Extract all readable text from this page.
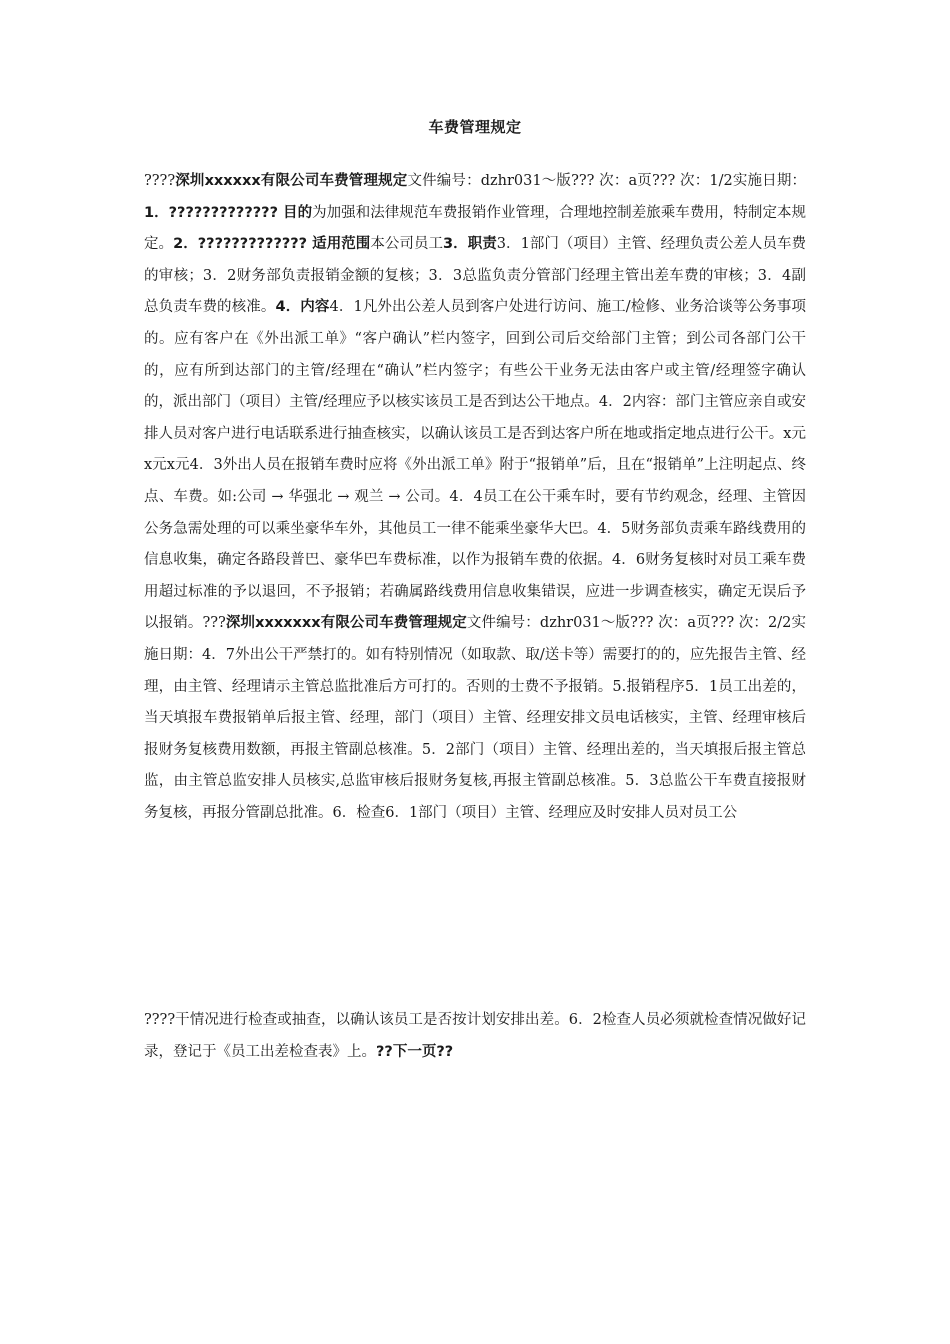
车费管理规定
????深圳xxxxxx有限公司车费管理规定文件编号：dzhr031～版??? 次：a页??? 次：1/2实施日期：1．????????????? 目的为加强和法律规范车费报销作业管理，合理地控制差旅乘车费用，特制定本规定。2．????????????? 适用范围本公司员工3．职责3．1部门（项目）主管、经理负责公差人员车费的审核；3．2财务部负责报销金额的复核；3．3总监负责分管部门经理主管出差车费的审核；3．4副总负责车费的核准。4．内容4．1凡外出公差人员到客户处进行访问、施工/检修、业务洽谈等公务事项的。应有客户在《外出派工单》“客户确认”栏内签字，回到公司后交给部门主管；到公司各部门公干的，应有所到达部门的主管/经理在“确认”栏内签字；有些公干业务无法由客户或主管/经理签字确认的，派出部门（项目）主管/经理应予以核实该员工是否到达公干地点。4．2内容：部门主管应亲自或安排人员对客户进行电话联系进行抽查核实，以确认该员工是否到达客户所在地或指定地点进行公干。x元x元x元4．3外出人员在报销车费时应将《外出派工单》附于“报销单”后，且在“报销单”上注明起点、终点、车费。如:公司 → 华强北 → 观兰 → 公司。4．4员工在公干乘车时，要有节约观念，经理、主管因公务急需处理的可以乘坐豪华车外，其他员工一律不能乘坐豪华大巴。4．5财务部负责乘车路线费用的信息收集，确定各路段普巴、豪华巴车费标准，以作为报销车费的依据。4．6财务复核时对员工乘车费用超过标准的予以退回，不予报销；若确属路线费用信息收集错误，应进一步调查核实，确定无误后予以报销。???深圳xxxxxxx有限公司车费管理规定文件编号：dzhr031～版??? 次：a页??? 次：2/2实施日期：4．7外出公干严禁打的。如有特别情况（如取款、取/送卡等）需要打的的，应先报告主管、经理，由主管、经理请示主管总监批准后方可打的。否则的士费不予报销。5.报销程序5．1员工出差的，当天填报车费报销单后报主管、经理，部门（项目）主管、经理安排文员电话核实，主管、经理审核后报财务复核费用数额，再报主管副总核准。5．2部门（项目）主管、经理出差的，当天填报后报主管总监，由主管总监安排人员核实,总监审核后报财务复核,再报主管副总核准。5．3总监公干车费直接报财务复核，再报分管副总批准。6．检查6．1部门（项目）主管、经理应及时安排人员对员工公
????干情况进行检查或抽查，以确认该员工是否按计划安排出差。6．2检查人员必须就检查情况做好记录，登记于《员工出差检查表》上。??下一页??
